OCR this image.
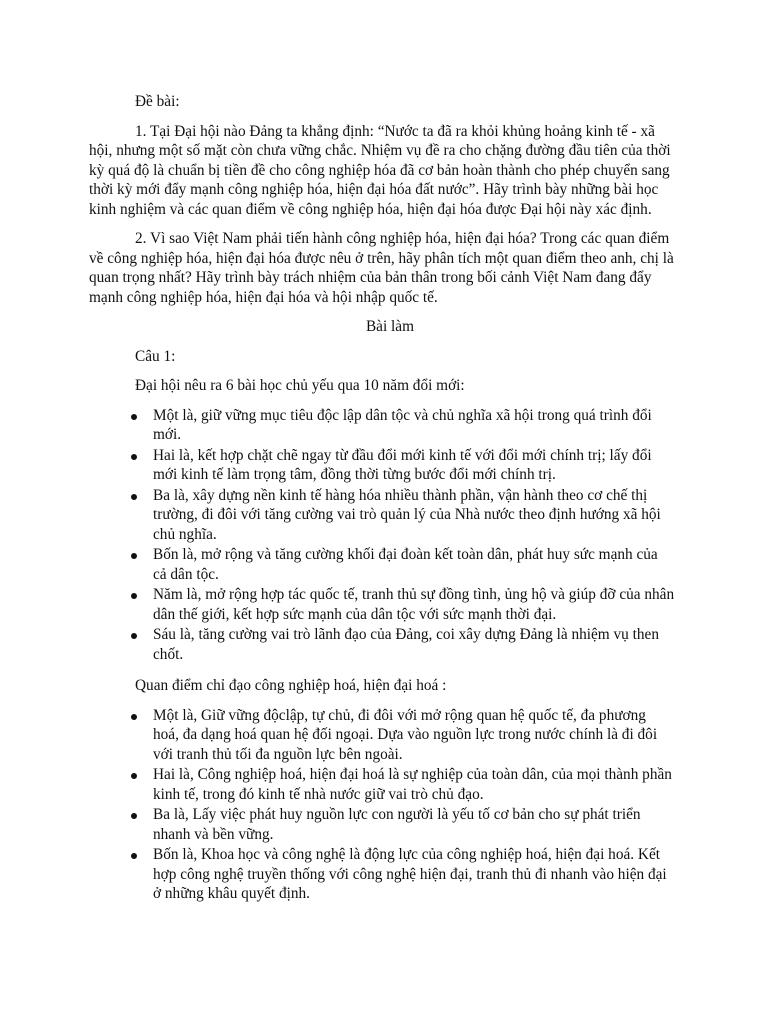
Đề bài:

1. Tại Đại hội nào Đảng ta khẳng định: “Nước ta đã ra khỏi khủng hoảng kinh tế - xã hội, nhưng một số mặt còn chưa vững chắc. Nhiệm vụ đề ra cho chặng đường đầu tiên của thời kỳ quá độ là chuẩn bị tiền đề cho công nghiệp hóa đã cơ bản hoàn thành cho phép chuyển sang thời kỳ mới đẩy mạnh công nghiệp hóa, hiện đại hóa đất nước”. Hãy trình bày những bài học kinh nghiệm và các quan điểm về công nghiệp hóa, hiện đại hóa được Đại hội này xác định.

2. Vì sao Việt Nam phải tiến hành công nghiệp hóa, hiện đại hóa? Trong các quan điểm về công nghiệp hóa, hiện đại hóa được nêu ở trên, hãy phân tích một quan điểm theo anh, chị là quan trọng nhất? Hãy trình bày trách nhiệm của bản thân trong bối cảnh Việt Nam đang đẩy mạnh công nghiệp hóa, hiện đại hóa và hội nhập quốc tế.

Bài làm

Câu 1:

Đại hội nêu ra 6 bài học chủ yếu qua 10 năm đổi mới:

Một là, giữ vững mục tiêu độc lập dân tộc và chủ nghĩa xã hội trong quá trình đổi mới.
Hai là, kết hợp chặt chẽ ngay từ đầu đổi mới kinh tế với đổi mới chính trị; lấy đổi mới kinh tế làm trọng tâm, đồng thời từng bước đổi mới chính trị.
Ba là, xây dựng nền kinh tế hàng hóa nhiều thành phần, vận hành theo cơ chế thị trường, đi đôi với tăng cường vai trò quản lý của Nhà nước theo định hướng xã hội chủ nghĩa.
Bốn là, mở rộng và tăng cường khối đại đoàn kết toàn dân, phát huy sức mạnh của cả dân tộc.
Năm là, mở rộng hợp tác quốc tế, tranh thủ sự đồng tình, ủng hộ và giúp đỡ của nhân dân thế giới, kết hợp sức mạnh của dân tộc với sức mạnh thời đại.
Sáu là, tăng cường vai trò lãnh đạo của Đảng, coi xây dựng Đảng là nhiệm vụ then chốt.

Quan điểm chỉ đạo công nghiệp hoá, hiện đại hoá :

Một là, Giữ vững độclập, tự chủ, đi đôi với mở rộng quan hệ quốc tế, đa phương hoá, đa dạng hoá quan hệ đối ngoại. Dựa vào nguồn lực trong nước chính là đi đôi với tranh thủ tối đa nguồn lực bên ngoài.
Hai là, Công nghiệp hoá, hiện đại hoá là sự nghiệp của toàn dân, của mọi thành phần kinh tế, trong đó kinh tế nhà nước giữ vai trò chủ đạo.
Ba là, Lấy việc phát huy nguồn lực con người là yếu tố cơ bản cho sự phát triển nhanh và bền vững.
Bốn là, Khoa học và công nghệ là động lực của công nghiệp hoá, hiện đại hoá. Kết hợp công nghệ truyền thống với công nghệ hiện đại, tranh thủ đi nhanh vào hiện đại ở những khâu quyết định.
